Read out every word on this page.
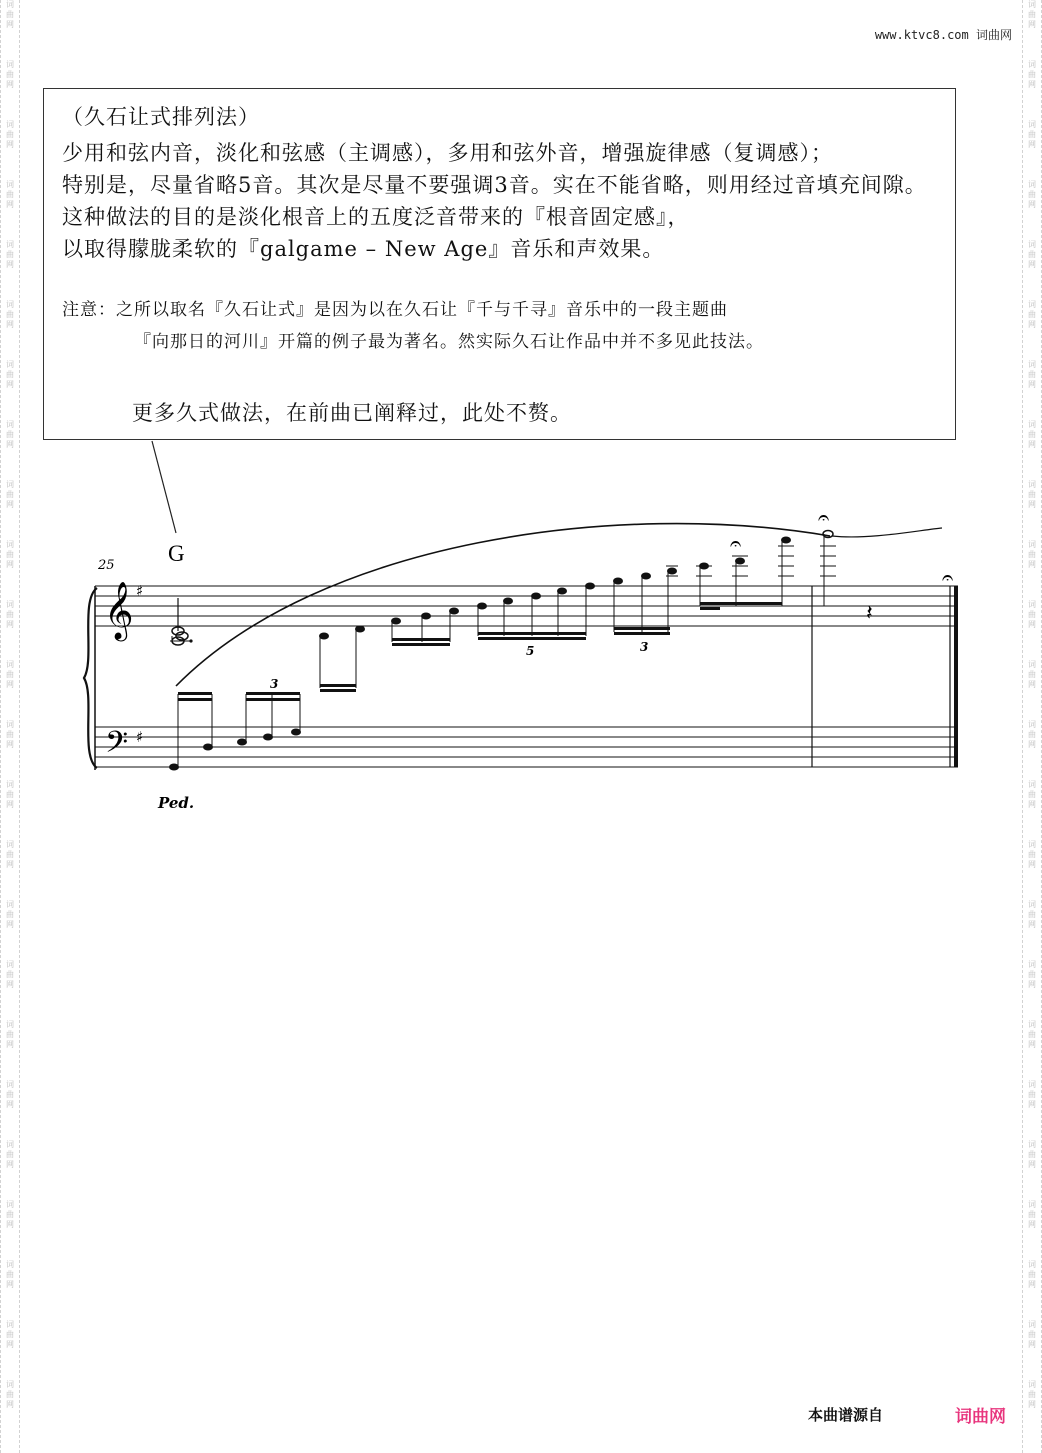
词
曲
网
词
曲
网
词
曲
网
词
曲
网
词
曲
网
词
曲
网
词
曲
网
词
曲
网
词
曲
网
词
曲
网
词
曲
网
词
曲
网
词
曲
网
词
曲
网
词
曲
网
词
曲
网
词
曲
网
词
曲
网
词
曲
网
词
曲
网
词
曲
网
词
曲
网
词
曲
网
词
曲
网
词
曲
网
词
曲
网
词
曲
网
词
曲
网
词
曲
网
词
曲
网
词
曲
网
词
曲
网
词
曲
网
词
曲
网
词
曲
网
词
曲
网
词
曲
网
词
曲
网
词
曲
网
词
曲
网
词
曲
网
词
曲
网
词
曲
网
词
曲
网
词
曲
网
词
曲
网
词
曲
网
词
曲
网
www.ktvc8.com 词曲网
（久石让式排列法）
少用和弦内音，淡化和弦感（主调感），多用和弦外音，增强旋律感（复调感）；
特别是，尽量省略5音。其次是尽量不要强调3音。实在不能省略，则用经过音填充间隙。
这种做法的目的是淡化根音上的五度泛音带来的『根音固定感』，
以取得朦胧柔软的『galgame – New Age』音乐和声效果。
注意：之所以取名『久石让式』是因为以在久石让『千与千寻』音乐中的一段主题曲
『向那日的河川』开篇的例子最为著名。然实际久石让作品中并不多见此技法。
更多久式做法，在前曲已阐释过，此处不赘。
25 G
𝄞
𝄢
♯
♯
3
5	3
𝄐
𝄐
𝄐
𝄽
Ped.
本曲谱源自	词曲网
